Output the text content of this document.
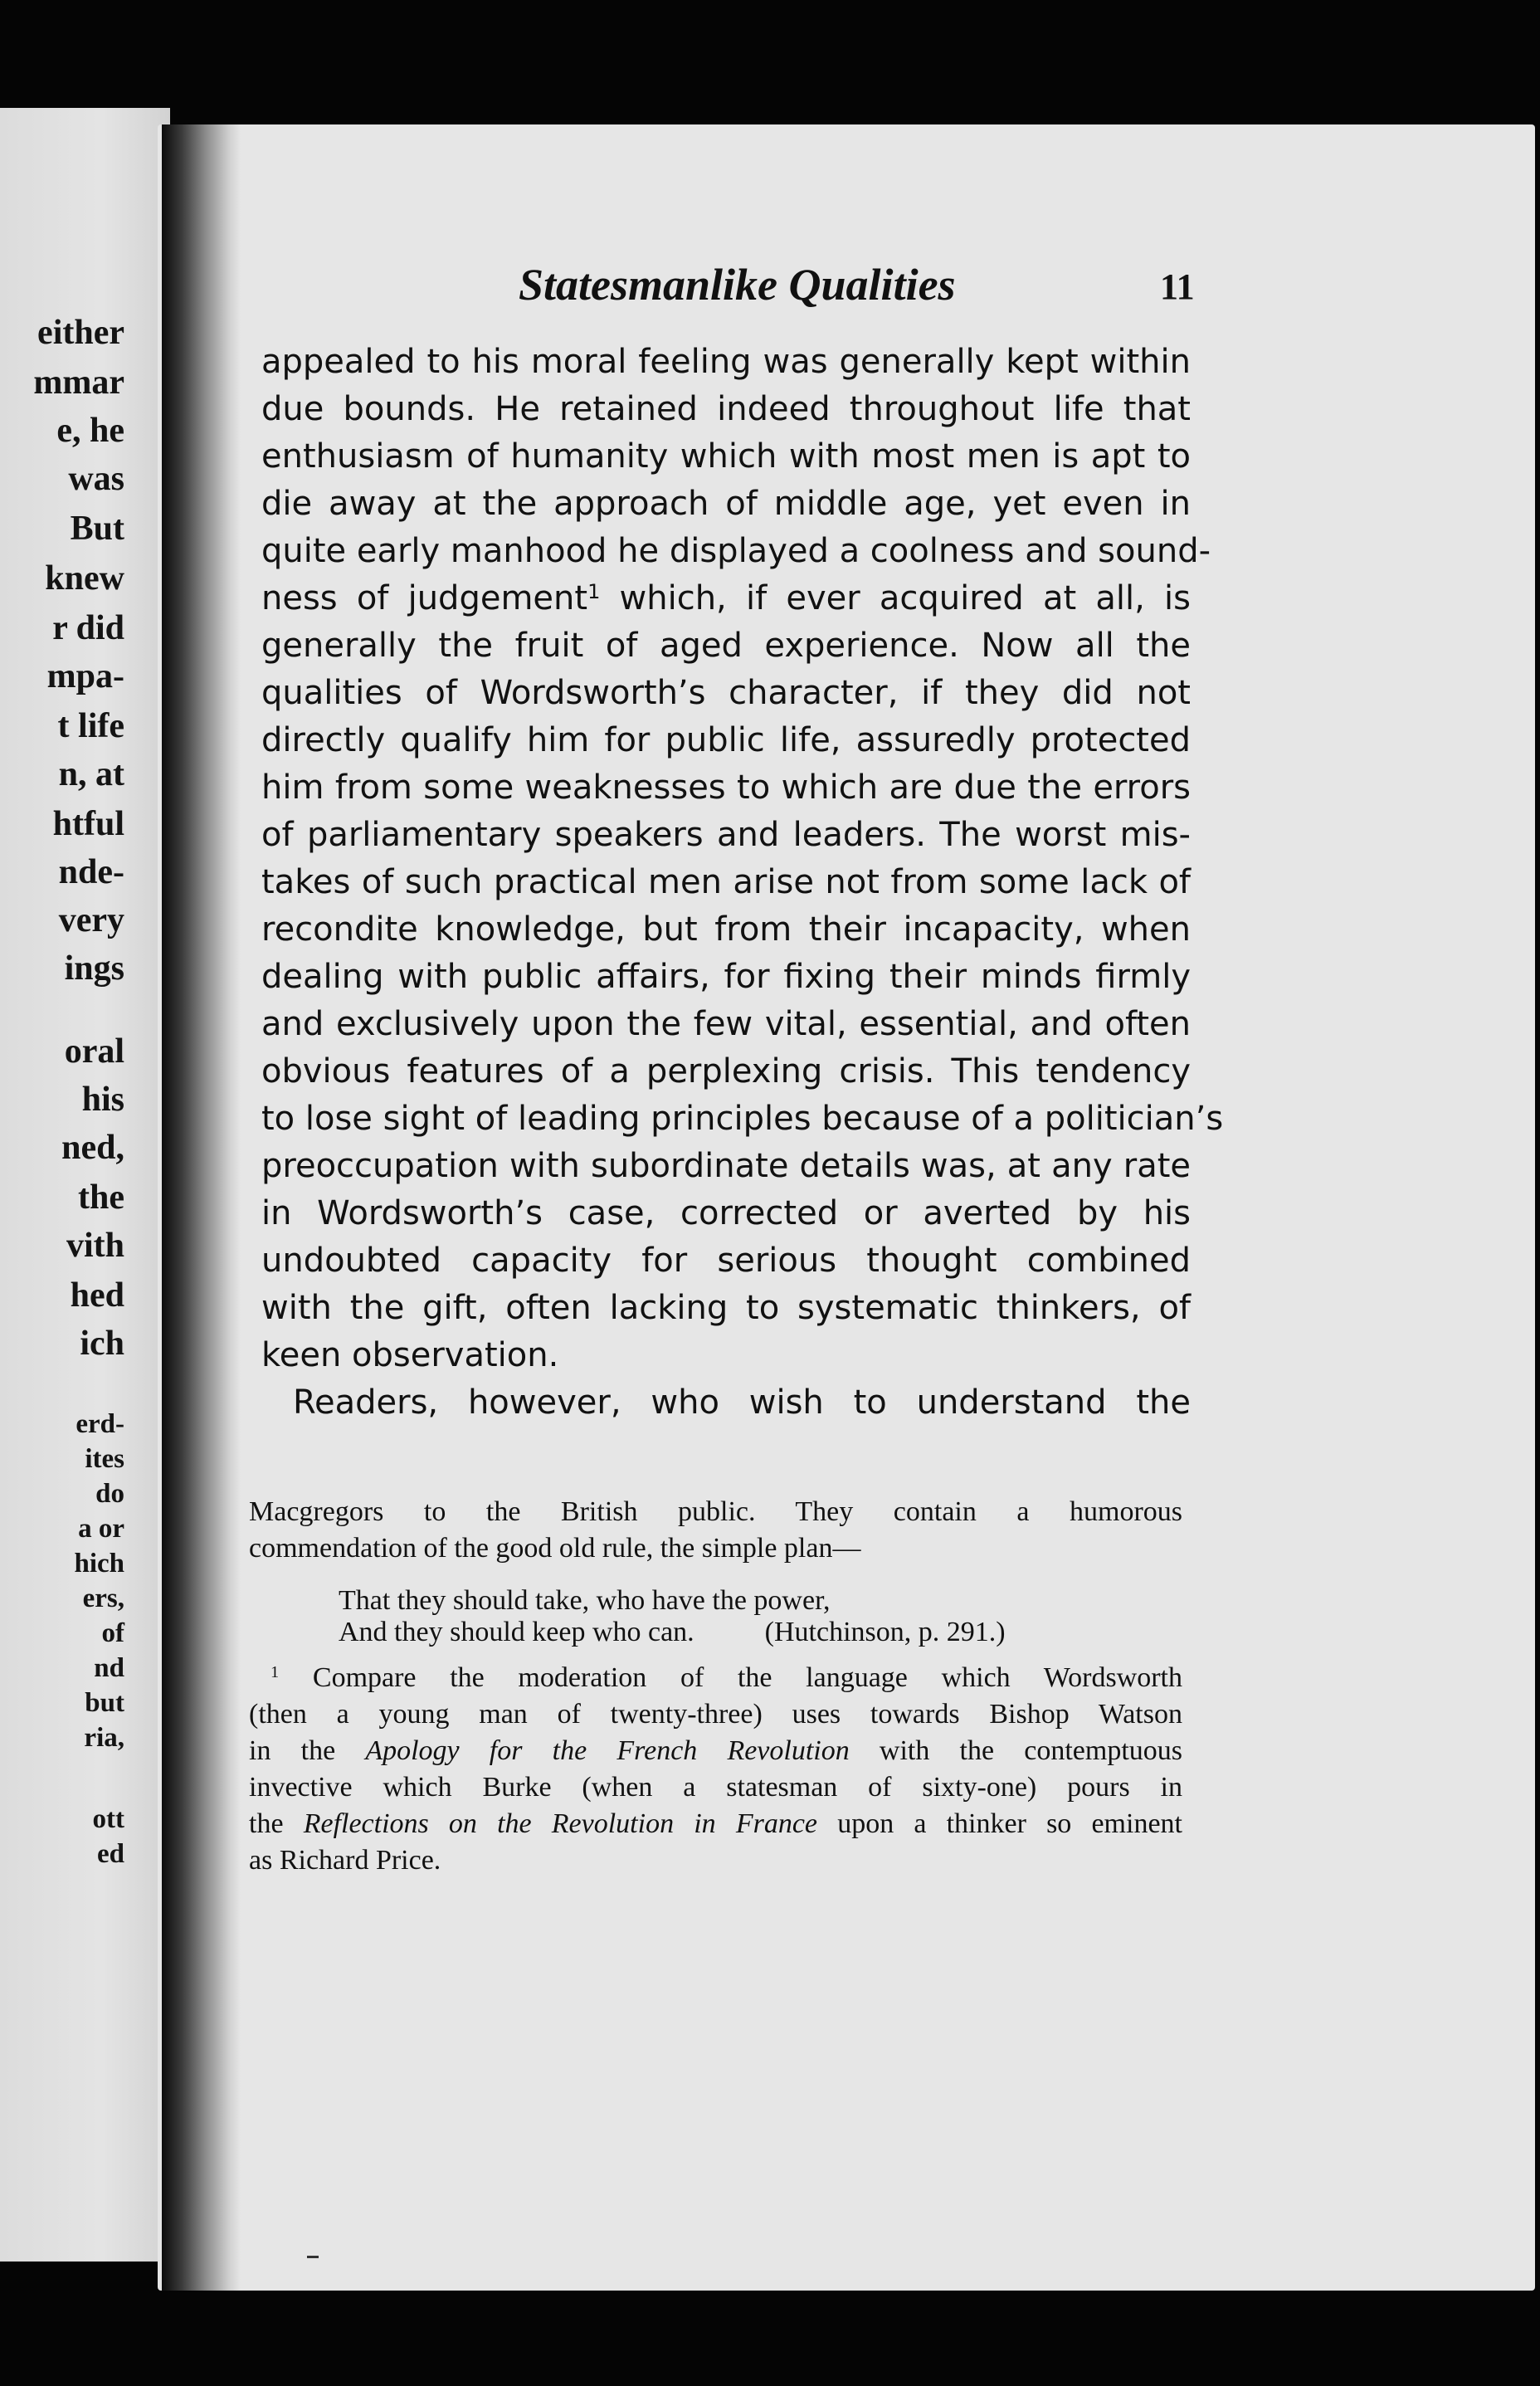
either
mmar
e, he
was
But
knew
r did
mpa-
t life
n, at
htful
nde-
very
ings
oral
his
ned,
the
vith
hed
ich
erd-
ites
do
a or
hich
ers,
of
nd
but
ria,
ott
ed
Statesmanlike Qualities	11
appealed to his moral feeling was generally kept within
due bounds. He retained indeed throughout life that
enthusiasm of humanity which with most men is apt to
die away at the approach of middle age, yet even in
quite early manhood he displayed a coolness and sound-
ness of judgement$^1$ which, if ever acquired at all, is
generally the fruit of aged experience. Now all the
qualities of Wordsworth’s character, if they did not
directly qualify him for public life, assuredly protected
him from some weaknesses to which are due the errors
of parliamentary speakers and leaders. The worst mis-
takes of such practical men arise not from some lack of
recondite knowledge, but from their incapacity, when
dealing with public affairs, for fixing their minds firmly
and exclusively upon the few vital, essential, and often
obvious features of a perplexing crisis. This tendency
to lose sight of leading principles because of a politician’s
preoccupation with subordinate details was, at any rate
in Wordsworth’s case, corrected or averted by his
undoubted capacity for serious thought combined
with the gift, often lacking to systematic thinkers, of
keen observation.
Readers, however, who wish to understand the
Macgregors to the British public. They contain a humorous
commendation of the good old rule, the simple plan—
That they should take, who have the power,
And they should keep who can.          (Hutchinson, p. 291.)
$^1$ Compare the moderation of the language which Wordsworth
(then a young man of twenty-three) uses towards Bishop Watson
in the Apology for the French Revolution with the contemptuous
invective which Burke (when a statesman of sixty-one) pours in
the Reflections on the Revolution in France upon a thinker so eminent
as Richard Price.
